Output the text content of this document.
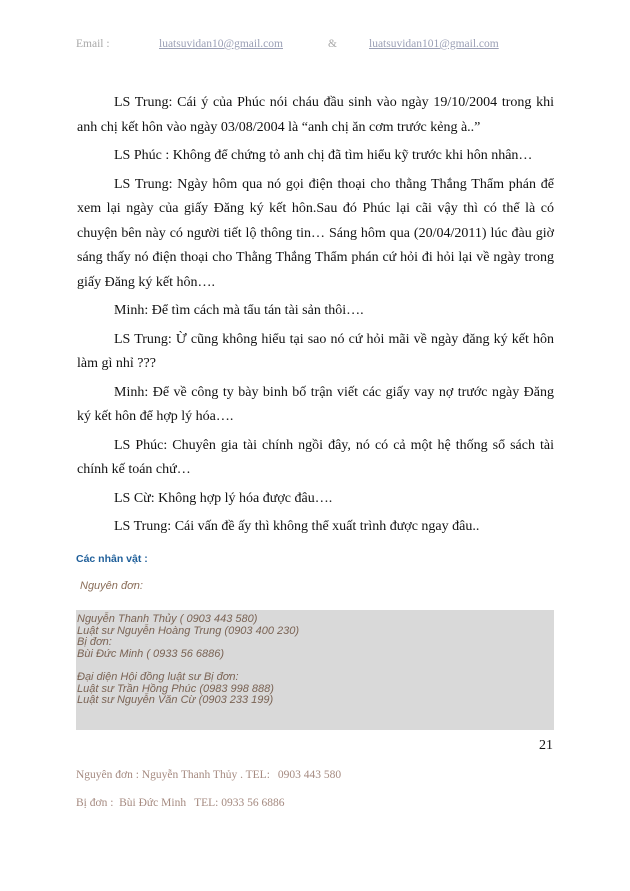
Email :	luatsuvidan10@gmail.com	&	luatsuvidan101@gmail.com

LS Trung: Cái ý của Phúc nói cháu đầu sinh vào ngày 19/10/2004 trong khi anh chị kết hôn vào ngày 03/08/2004 là “anh chị ăn cơm trước kẻng à..”

LS Phúc : Không để chứng tỏ anh chị đã tìm hiểu kỹ trước khi hôn nhân…

LS Trung: Ngày hôm qua nó gọi điện thoại cho thằng Thắng Thẩm phán để xem lại ngày của giấy Đăng ký kết hôn.Sau đó Phúc lại cãi vậy thì có thể là có chuyện bên này có người tiết lộ thông tin… Sáng hôm qua (20/04/2011) lúc đàu giờ sáng thấy nó điện thoại cho Thằng Thắng Thẩm phán cứ hỏi đi hỏi lại về ngày trong giấy Đăng ký kết hôn….

Minh: Để tìm cách mà tẩu tán tài sản thôi….

LS Trung: Ừ cũng không hiểu tại sao nó cứ hỏi mãi về ngày đăng ký kết hôn làm gì nhỉ ???

Minh: Để về công ty bày binh bố trận viết các giấy vay nợ trước ngày Đăng ký kết hôn để hợp lý hóa….

LS Phúc: Chuyên gia tài chính ngồi đây, nó có cả một hệ thống sổ sách tài chính kế toán chứ…

LS Cừ: Không hợp lý hóa được đâu….

LS Trung: Cái vấn đề ấy thì không thể xuất trình được ngay đâu..

Các nhân vật :
Nguyên đơn:
Nguyễn Thanh Thủy ( 0903 443 580)
Luật sư Nguyễn Hoàng Trung (0903 400 230)
Bị đơn:
Bùi Đức Minh ( 0933 56 6886)
Đại diện Hội đồng luật sư Bị đơn:
Luật sư Trần Hồng Phúc (0983 998 888)
Luật sư Nguyễn Văn Cừ (0903 233 199)
21
Nguyên đơn : Nguyễn Thanh Thủy . TEL: 0903 443 580
Bị đơn :  Bùi Đức Minh TEL: 0933 56 6886
